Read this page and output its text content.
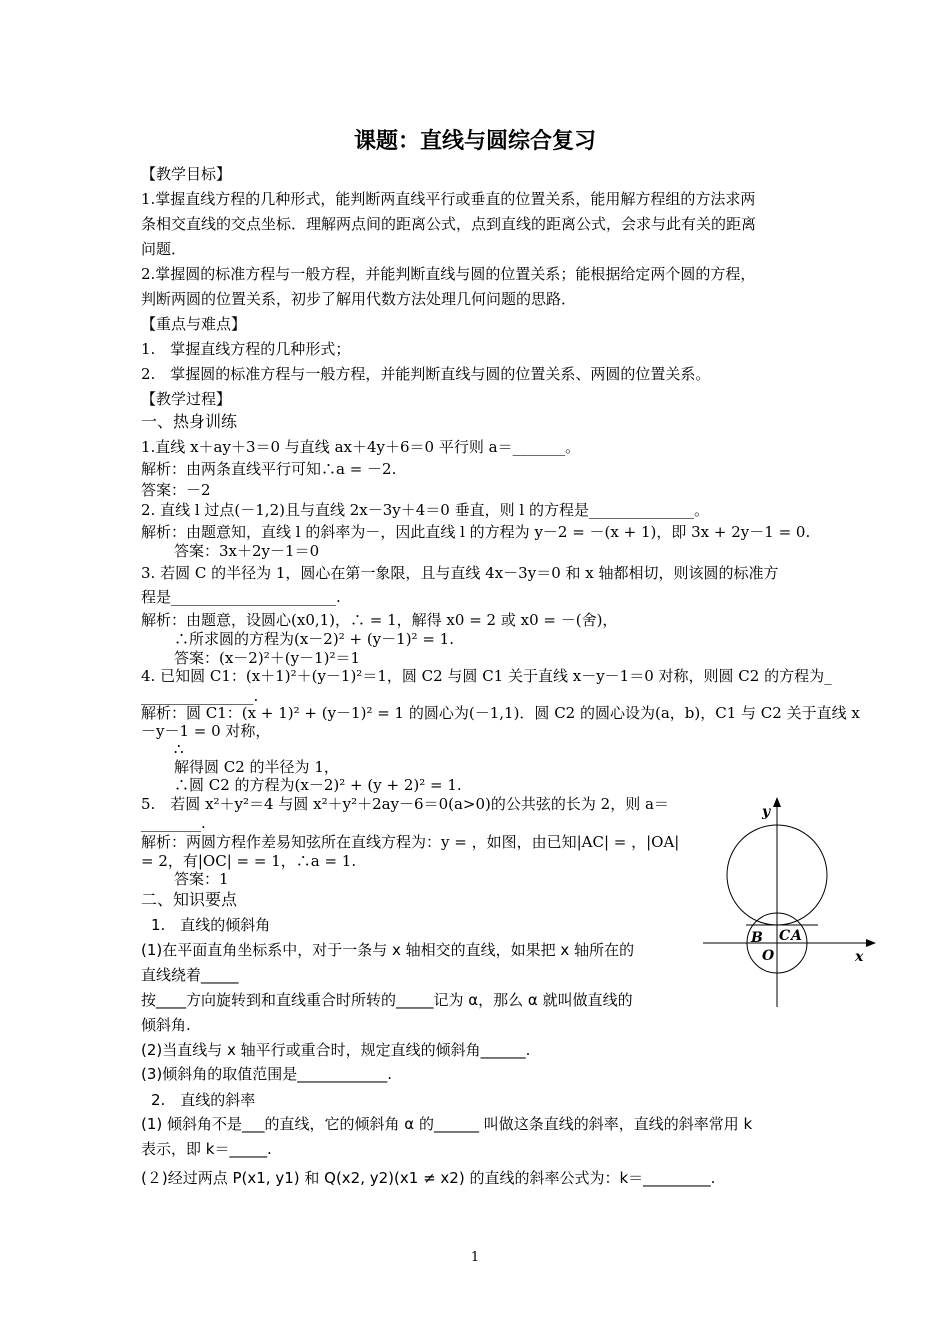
课题：直线与圆综合复习
【教学目标】
1.掌握直线方程的几种形式，能判断两直线平行或垂直的位置关系，能用解方程组的方法求两
条相交直线的交点坐标．理解两点间的距离公式，点到直线的距离公式，会求与此有关的距离
问题．
2.掌握圆的标准方程与一般方程，并能判断直线与圆的位置关系；能根据给定两个圆的方程，
判断两圆的位置关系，初步了解用代数方法处理几何问题的思路．
【重点与难点】
1.　掌握直线方程的几种形式；
2.　掌握圆的标准方程与一般方程，并能判断直线与圆的位置关系、两圆的位置关系。
【教学过程】
一、热身训练
1.直线 x＋ay＋3＝0 与直线 ax＋4y＋6＝0 平行则 a＝_______。
解析：由两条直线平行可知∴a = －2.
答案：－2
2. 直线 l 过点(－1,2)且与直线 2x－3y＋4＝0 垂直，则 l 的方程是______________。
解析：由题意知，直线 l 的斜率为－，因此直线 l 的方程为 y－2 = －(x + 1)，即 3x + 2y－1 = 0.
答案：3x＋2y－1＝0
3. 若圆 C 的半径为 1，圆心在第一象限，且与直线 4x－3y＝0 和 x 轴都相切，则该圆的标准方
程是______________________.
解析：由题意，设圆心(x0,1)，∴ = 1，解得 x0 = 2 或 x0 = －(舍)，
∴所求圆的方程为(x－2)² + (y－1)² = 1.
答案：(x－2)²＋(y－1)²＝1
4. 已知圆 C1：(x＋1)²＋(y－1)²＝1，圆 C2 与圆 C1 关于直线 x－y－1＝0 对称，则圆 C2 的方程为_
_______________.
解析：圆 C1：(x + 1)² + (y－1)² = 1 的圆心为(－1,1)．圆 C2 的圆心设为(a，b)，C1 与 C2 关于直线 x
－y－1 = 0 对称，
∴
解得圆 C2 的半径为 1，
∴圆 C2 的方程为(x－2)² + (y + 2)² = 1.
5.　若圆 x²＋y²＝4 与圆 x²＋y²＋2ay－6＝0(a>0)的公共弦的长为 2，则 a＝
________.
解析：两圆方程作差易知弦所在直线方程为：y = ，如图，由已知|AC| = ，|OA|
= 2，有|OC| = = 1，∴a = 1.
答案：1
二、知识要点
1.　直线的倾斜角
(1)在平面直角坐标系中，对于一条与 x 轴相交的直线，如果把 x 轴所在的
直线绕着_____
按____方向旋转到和直线重合时所转的_____记为 α，那么 α 就叫做直线的
倾斜角.
(2)当直线与 x 轴平行或重合时，规定直线的倾斜角______.
(3)倾斜角的取值范围是____________.
2.　直线的斜率
(1) 倾斜角不是___的直线，它的倾斜角 α 的______ 叫做这条直线的斜率，直线的斜率常用 k
表示，即 k＝_____.
(２)经过两点 P(x1, y1) 和 Q(x2, y2)(x1 ≠ x2) 的直线的斜率公式为：k＝_________.
y
x
B C A
O
1
